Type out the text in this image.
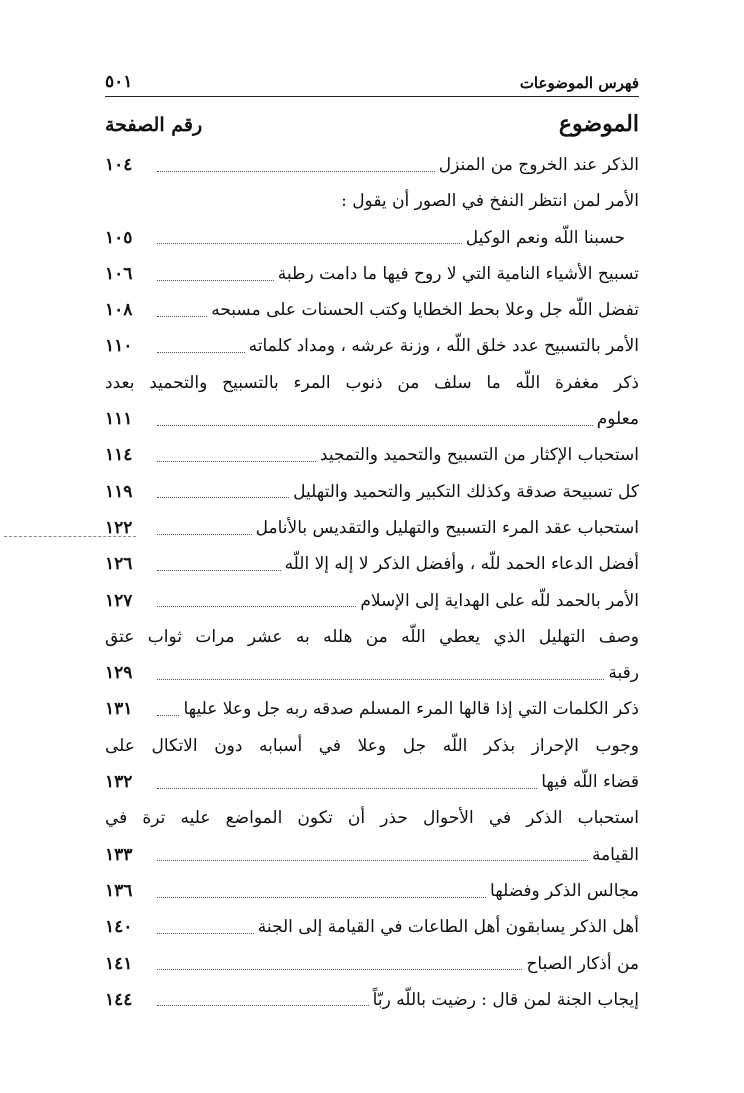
فهرس الموضوعات
٥٠١
الموضوع
رقم الصفحة
الذكر عند الخروج من المنزل
١٠٤
الأمر لمن انتظر النفخ في الصور أن يقول :
حسبنا اللّه ونعم الوكيل
١٠٥
تسبيح الأشياء النامية التي لا روح فيها ما دامت رطبة
١٠٦
تفضل اللّه جل وعلا بحط الخطايا وكتب الحسنات على مسبحه
١٠٨
الأمر بالتسبيح عدد خلق اللّه ، وزنة عرشه ، ومداد كلماته
١١٠
ذكر مغفرة اللّه ما سلف من ذنوب المرء بالتسبيح والتحميد بعدد
معلوم
١١١
استحباب الإكثار من التسبيح والتحميد والتمجيد
١١٤
كل تسبيحة صدقة وكذلك التكبير والتحميد والتهليل
١١٩
استحباب عقد المرء التسبيح والتهليل والتقديس بالأنامل
١٢٢
أفضل الدعاء الحمد للّه ، وأفضل الذكر لا إله إلا اللّه
١٢٦
الأمر بالحمد للّه على الهداية إلى الإسلام
١٢٧
وصف التهليل الذي يعطي اللّه من هلله به عشر مرات ثواب عتق
رقبة
١٢٩
ذكر الكلمات التي إذا قالها المرء المسلم صدقه ربه جل وعلا عليها
١٣١
وجوب الإحراز بذكر اللّه جل وعلا في أسبابه دون الاتكال على
قضاء اللّه فيها
١٣٢
استحباب الذكر في الأحوال حذر أن تكون المواضع عليه ترة في
القيامة
١٣٣
مجالس الذكر وفضلها
١٣٦
أهل الذكر يسابقون أهل الطاعات في القيامة إلى الجنة
١٤٠
من أذكار الصباح
١٤١
إيجاب الجنة لمن قال : رضيت باللّه ربّاً
١٤٤
